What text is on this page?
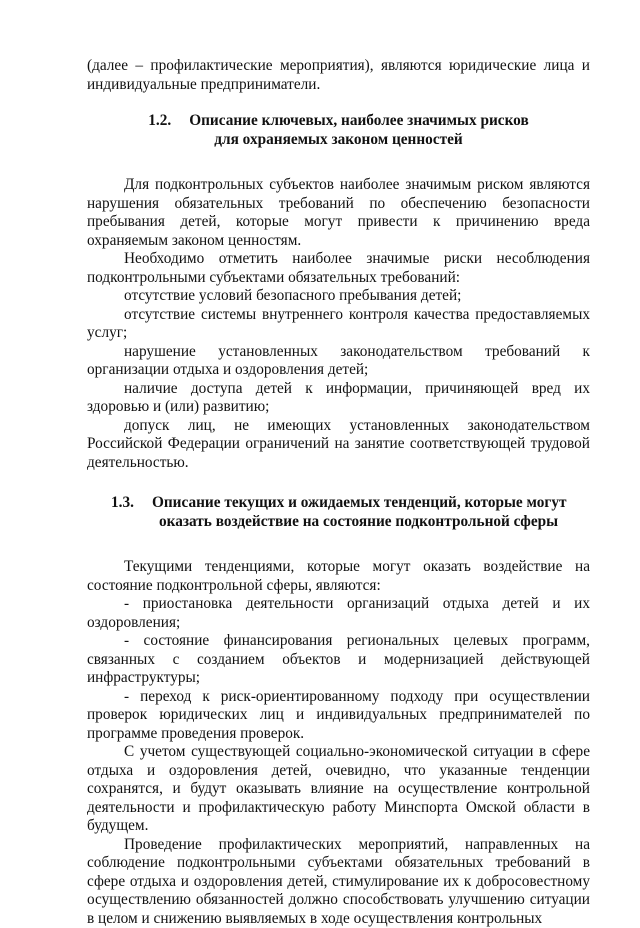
(далее – профилактические мероприятия), являются юридические лица и индивидуальные предприниматели.

1.2. Описание ключевых, наиболее значимых рисков
для охраняемых законом ценностей

Для подконтрольных субъектов наиболее значимым риском являются нарушения обязательных требований по обеспечению безопасности пребывания детей, которые могут привести к причинению вреда охраняемым законом ценностям.

Необходимо отметить наиболее значимые риски несоблюдения подконтрольными субъектами обязательных требований:

отсутствие условий безопасного пребывания детей;

отсутствие системы внутреннего контроля качества предоставляемых услуг;

нарушение установленных законодательством требований к организации отдыха и оздоровления детей;

наличие доступа детей к информации, причиняющей вред их здоровью и (или) развитию;

допуск лиц, не имеющих установленных законодательством Российской Федерации ограничений на занятие соответствующей трудовой деятельностью.

1.3. Описание текущих и ожидаемых тенденций, которые могут
оказать воздействие на состояние подконтрольной сферы

Текущими тенденциями, которые могут оказать воздействие на состояние подконтрольной сферы, являются:

- приостановка деятельности организаций отдыха детей и их оздоровления;

- состояние финансирования региональных целевых программ, связанных с созданием объектов и модернизацией действующей инфраструктуры;

- переход к риск-ориентированному подходу при осуществлении проверок юридических лиц и индивидуальных предпринимателей по программе проведения проверок.

С учетом существующей социально-экономической ситуации в сфере отдыха и оздоровления детей, очевидно, что указанные тенденции сохранятся, и будут оказывать влияние на осуществление контрольной деятельности и профилактическую работу Минспорта Омской области в будущем.

Проведение профилактических мероприятий, направленных на соблюдение подконтрольными субъектами обязательных требований в сфере отдыха и оздоровления детей, стимулирование их к добросовестному осуществлению обязанностей должно способствовать улучшению ситуации в целом и снижению выявляемых в ходе осуществления контрольных
